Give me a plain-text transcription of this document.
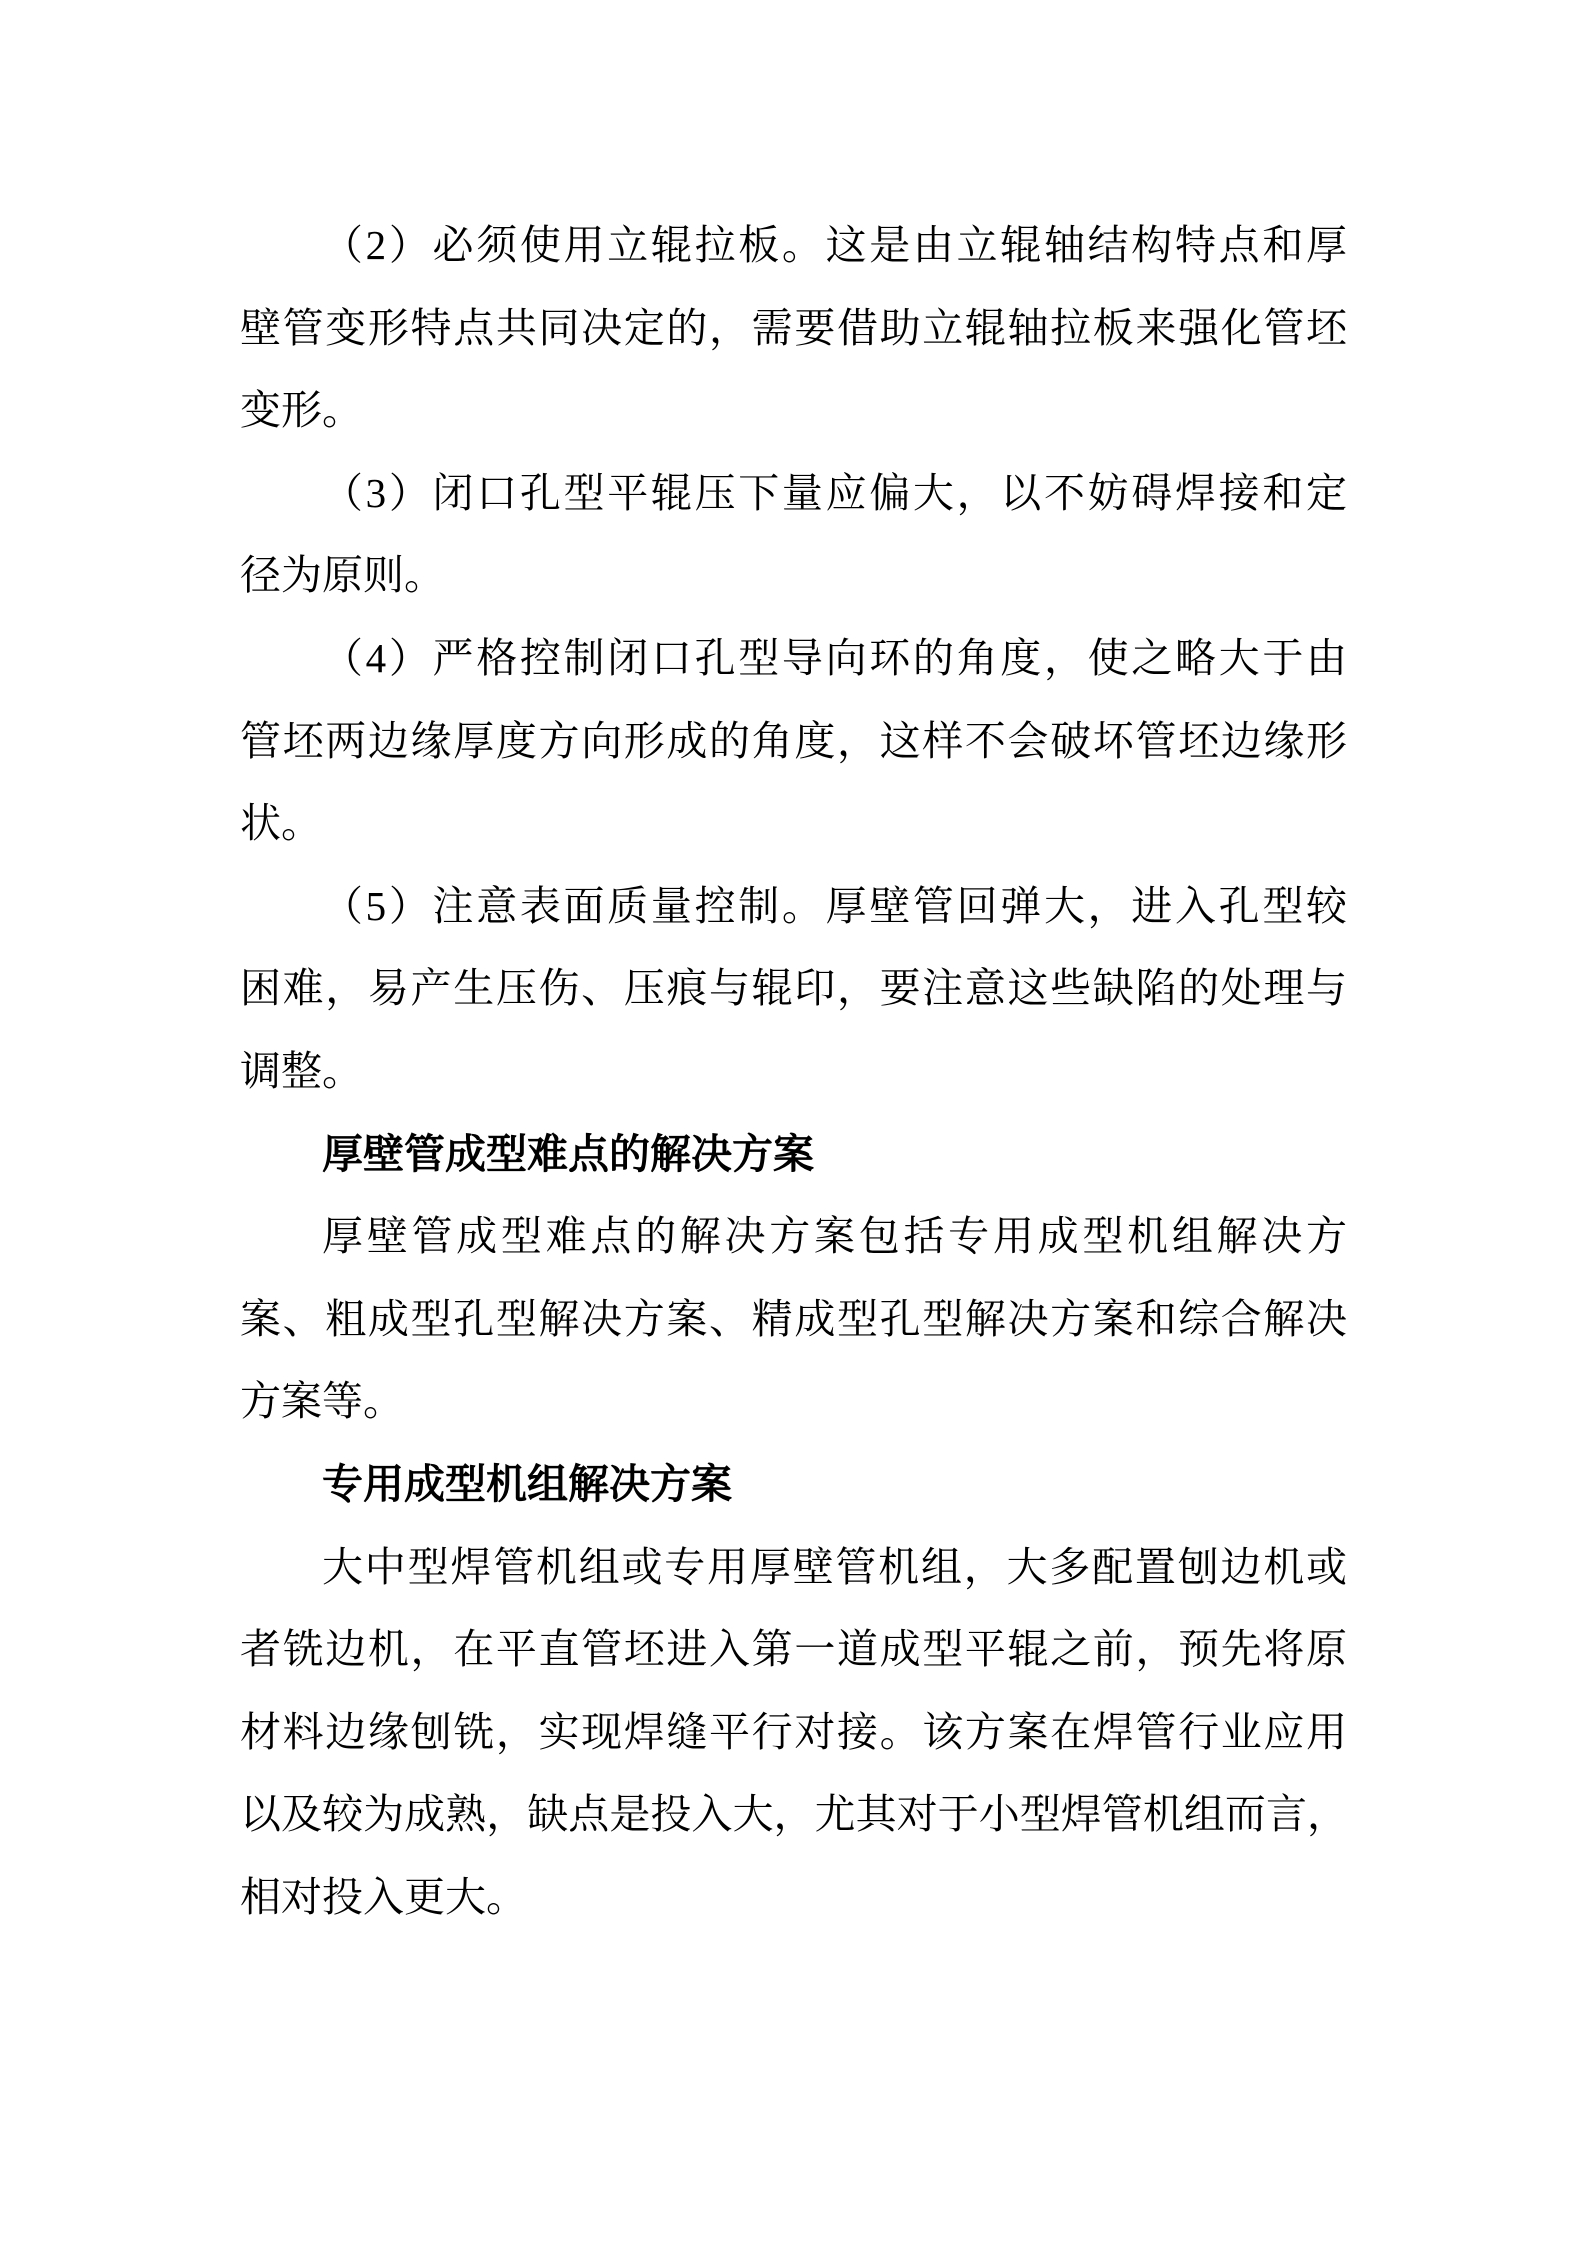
（2）必须使用立辊拉板。这是由立辊轴结构特点和厚
壁管变形特点共同决定的，需要借助立辊轴拉板来强化管坯
变形。
（3）闭口孔型平辊压下量应偏大，以不妨碍焊接和定
径为原则。
（4）严格控制闭口孔型导向环的角度，使之略大于由
管坯两边缘厚度方向形成的角度，这样不会破坏管坯边缘形
状。
（5）注意表面质量控制。厚壁管回弹大，进入孔型较
困难，易产生压伤、压痕与辊印，要注意这些缺陷的处理与
调整。
厚壁管成型难点的解决方案
厚壁管成型难点的解决方案包括专用成型机组解决方
案、粗成型孔型解决方案、精成型孔型解决方案和综合解决
方案等。
专用成型机组解决方案
大中型焊管机组或专用厚壁管机组，大多配置刨边机或
者铣边机，在平直管坯进入第一道成型平辊之前，预先将原
材料边缘刨铣，实现焊缝平行对接。该方案在焊管行业应用
以及较为成熟，缺点是投入大，尤其对于小型焊管机组而言，
相对投入更大。
